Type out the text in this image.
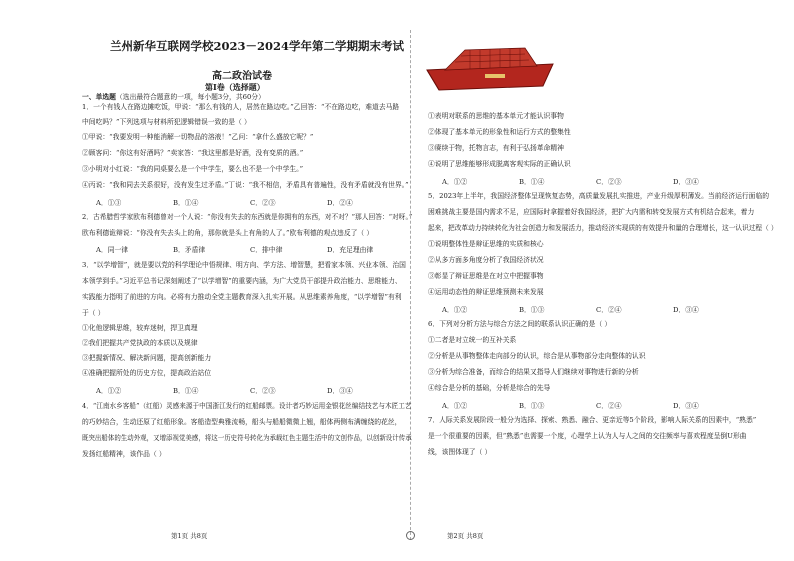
兰州新华互联网学校2023－2024学年第二学期期末考试
高二政治试卷
第Ⅰ卷（选择题）
一、单选题（选出最符合题意的一项，每小题3分，共60分）
1．一个有钱人在路边摊吃饭，甲说：“那么有钱的人，居然在路边吃。”乙回答：“不在路边吃，难道去马路
中间吃吗？”下列选项与材料所犯逻辑错误一致的是（ ）
①甲说：“我要发明一种能消解一切物品的溶液！”乙问：“拿什么盛放它呢？”
②顾客问：“你这有好酒吗？”卖家答：“我这里都是好酒，没有变质的酒。”
③小明对小红说：“我的同桌要么是一个中学生，要么也不是一个中学生。”
④丙说：“我和同去关系很好，没有发生过矛盾。”丁说：“我不相信，矛盾具有普遍性，没有矛盾就没有世界。”
A．①③	B．①④	C．②③	D．②④
2．古希腊哲学家欧布利德曾对一个人说：“你没有失去的东西就是你拥有的东西，对不对？”那人回答：“对呀。”
欧布利德诡辩说：“你没有失去头上的角，那你就是头上有角的人了。”欧布利德的观点违反了（ ）
A．同一律	B．矛盾律	C．排中律	D．充足理由律
3．“以学增智”，就是要以党的科学理论中悟规律、明方向、学方法、增智慧，把看家本领、兴业本领、治国
本领学到手。”习近平总书记深刻阐述了“以学增智”的重要内涵，为广大党员干部提升政治能力、思维能力、
实践能力指明了前进的方向。必将有力推动全党主题教育深入扎实开展。从思维素养角度，“以学增智”有利
于（ ）
①化他逻辑思维，较弃迷树，捍卫真理
②我们把握共产党执政的本质以及规律
③把握新情况、解决新问题，提高创新能力
④准确把握所处的历史方位，提高政治站位
A．①②	B．①④	C．②③	D．③④
4．“江南水乡客船”（红船）灵感来源于中国浙江发行的红船邮票。设计者巧妙运用金银花丝编结技艺与木匠工艺
的巧妙结合，生动还原了红船形象。客船造型典雅流畅，船头与船船微微上翘，船体两侧布满缠绕的花丝，
既突出船体的生动外观，又增添视觉美感，将这一历史符号转化为承载红色主题生活中的文创作品，以创新设计传承
发扬红船精神，该作品（ ）
第1页 共8页	第2页 共8页
①表明对联系的思维的基本单元才能认识事物
②体现了基本单元的形象性和运行方式的整集性
③赓续于物，托物言志，有利于弘扬革命精神
④说明了思维能够形成脱离客观实际的正确认识
A．①②	B．①④	C．②③	D．③④
5．2023年上半年，我国经济整体呈现恢复态势，高质量发展扎实推进，产业升级厚积薄发。当前经济运行面临的
困难挑战主要是国内需求不足，应国际时拿握着好我国经济，把扩大内需和转变发展方式有机结合起来，着力
起来，把改革动力持续转化为社会创造力和发展活力，推动经济实现质的有效提升和量的合理增长，这一认识过程（ ）
①说明整体性是辩证思维的实质和核心
②从多方面多角度分析了我国经济状况
③彰显了辩证思维是在对立中把握事物
④运用动态性的辩证思维预测未来发展
A．①②	B．①③	C．②④	D．③④
6．下列对分析方法与综合方法之间的联系认识正确的是（ ）
①二者是对立统一的互补关系
②分析是从事物整体走向部分的认识，综合是从事物部分走向整体的认识
③分析为综合准备，而综合的结果又指导人们继续对事物进行新的分析
④综合是分析的基础，分析是综合的先导
A．①②	B．①③	C．②④	D．③④
7．人际关系发展阶段一般分为选择、探索、熟悉、融合、更亲近等5个阶段，影响人际关系的因素中，“熟悉”
是一个很重要的因素，但“熟悉”也需要一个度，心理学上认为人与人之间的交往频率与喜欢程度呈倒U形曲
线，该图体现了（ ）
